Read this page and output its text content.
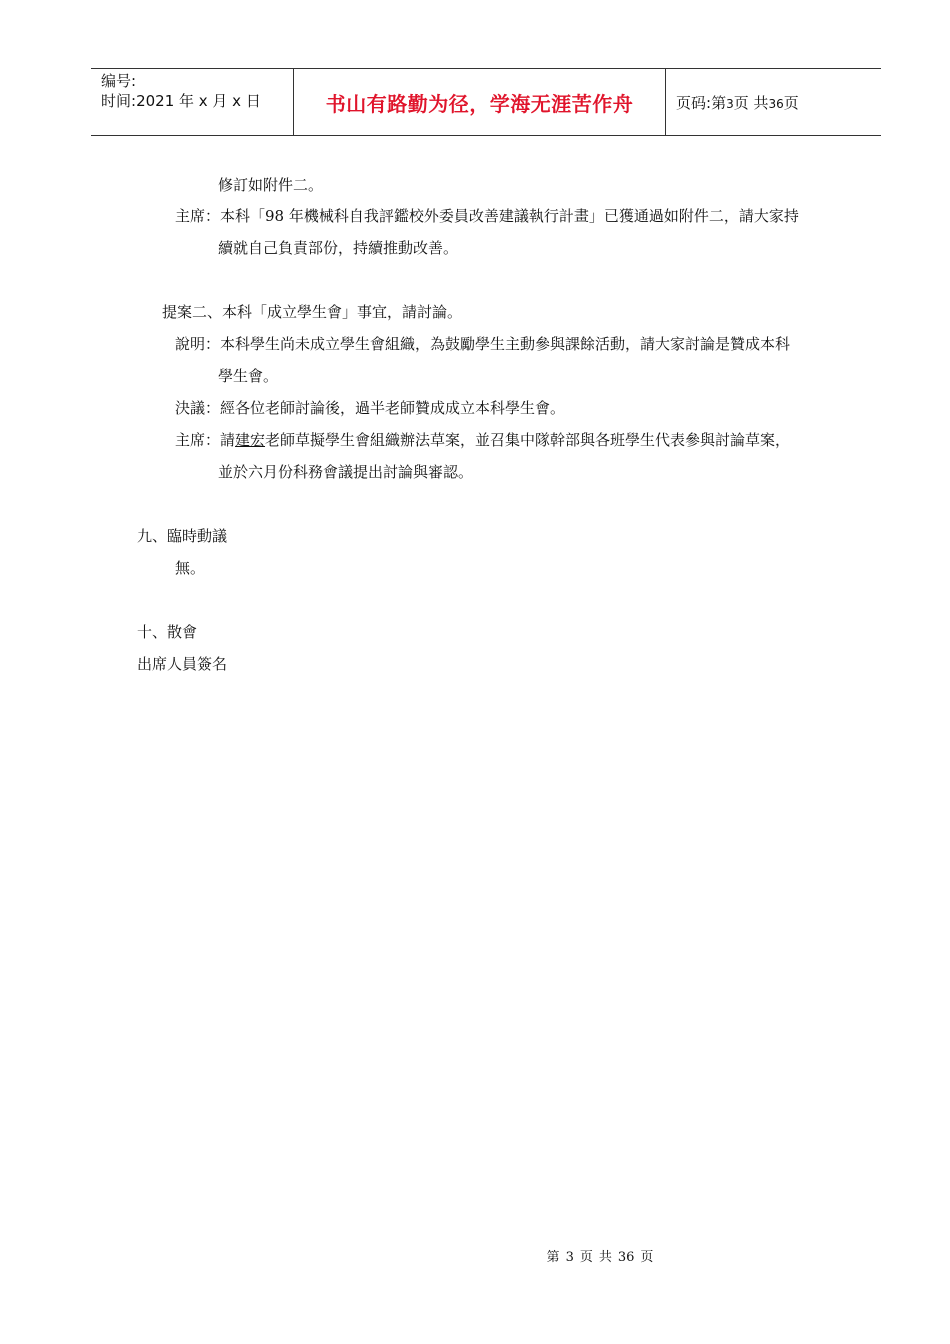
编号:
时间:2021 年 x 月 x 日	书山有路勤为径，学海无涯苦作舟	页码:第3页 共36页
修訂如附件二。
主席：本科「98 年機械科自我評鑑校外委員改善建議執行計畫」已獲通過如附件二，請大家持
續就自己負責部份，持續推動改善。
提案二、本科「成立學生會」事宜，請討論。
說明：本科學生尚未成立學生會組織，為鼓勵學生主動參與課餘活動，請大家討論是贊成本科
學生會。
決議：經各位老師討論後，過半老師贊成成立本科學生會。
主席：請建宏老師草擬學生會組織辦法草案，並召集中隊幹部與各班學生代表參與討論草案，
並於六月份科務會議提出討論與審認。
九、臨時動議
無。
十、散會
出席人員簽名
第 3 页 共 36 页
